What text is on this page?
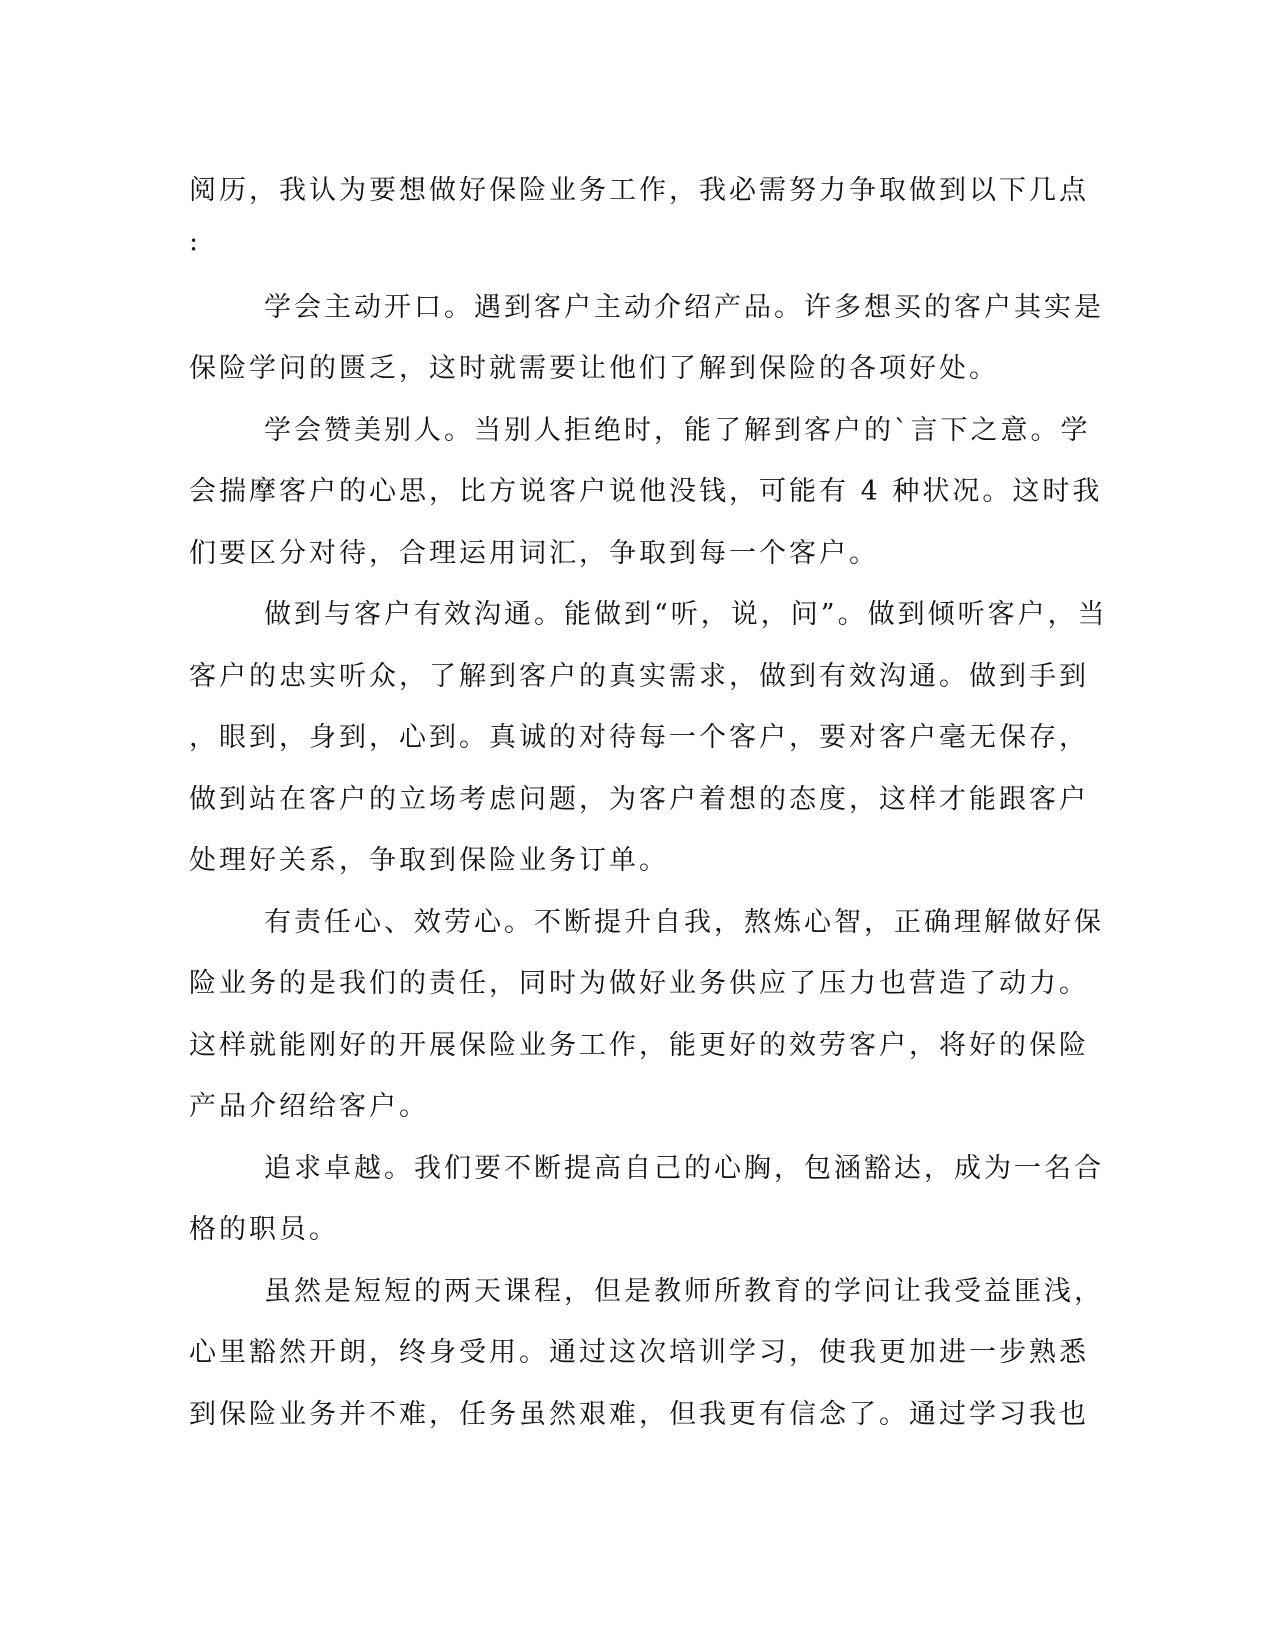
阅历，我认为要想做好保险业务工作，我必需努力争取做到以下几点
:
学会主动开口。遇到客户主动介绍产品。许多想买的客户其实是
保险学问的匮乏，这时就需要让他们了解到保险的各项好处。
学会赞美别人。当别人拒绝时，能了解到客户的`言下之意。学
会揣摩客户的心思，比方说客户说他没钱，可能有 4 种状况。这时我
们要区分对待，合理运用词汇，争取到每一个客户。
做到与客户有效沟通。能做到“听，说，问”。做到倾听客户，当
客户的忠实听众，了解到客户的真实需求，做到有效沟通。做到手到
，眼到，身到，心到。真诚的对待每一个客户，要对客户毫无保存，
做到站在客户的立场考虑问题，为客户着想的态度，这样才能跟客户
处理好关系，争取到保险业务订单。
有责任心、效劳心。不断提升自我，熬炼心智，正确理解做好保
险业务的是我们的责任，同时为做好业务供应了压力也营造了动力。
这样就能刚好的开展保险业务工作，能更好的效劳客户，将好的保险
产品介绍给客户。
追求卓越。我们要不断提高自己的心胸，包涵豁达，成为一名合
格的职员。
虽然是短短的两天课程，但是教师所教育的学问让我受益匪浅，
心里豁然开朗，终身受用。通过这次培训学习，使我更加进一步熟悉
到保险业务并不难，任务虽然艰难，但我更有信念了。通过学习我也
